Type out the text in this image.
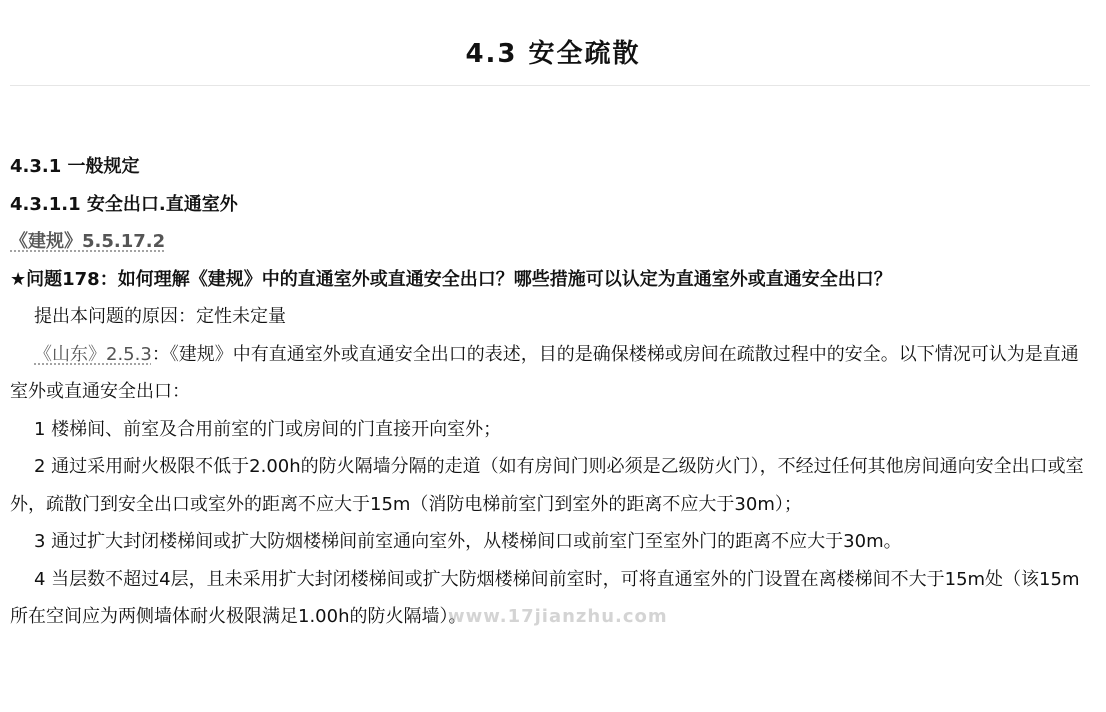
4.3 安全疏散
4.3.1 一般规定
4.3.1.1 安全出口.直通室外
《建规》5.5.17.2
★问题178：如何理解《建规》中的直通室外或直通安全出口？哪些措施可以认定为直通室外或直通安全出口？
提出本问题的原因：定性未定量
《山东》2.5.3：《建规》中有直通室外或直通安全出口的表述，目的是确保楼梯或房间在疏散过程中的安全。以下情况可认为是直通室外或直通安全出口：
1 楼梯间、前室及合用前室的门或房间的门直接开向室外；
2 通过采用耐火极限不低于2.00h的防火隔墙分隔的走道（如有房间门则必须是乙级防火门），不经过任何其他房间通向安全出口或室外，疏散门到安全出口或室外的距离不应大于15m（消防电梯前室门到室外的距离不应大于30m）；
3 通过扩大封闭楼梯间或扩大防烟楼梯间前室通向室外，从楼梯间口或前室门至室外门的距离不应大于30m。
4 当层数不超过4层，且未采用扩大封闭楼梯间或扩大防烟楼梯间前室时，可将直通室外的门设置在离楼梯间不大于15m处（该15m所在空间应为两侧墙体耐火极限满足1.00h的防火隔墙）。
www.17jianzhu.com
